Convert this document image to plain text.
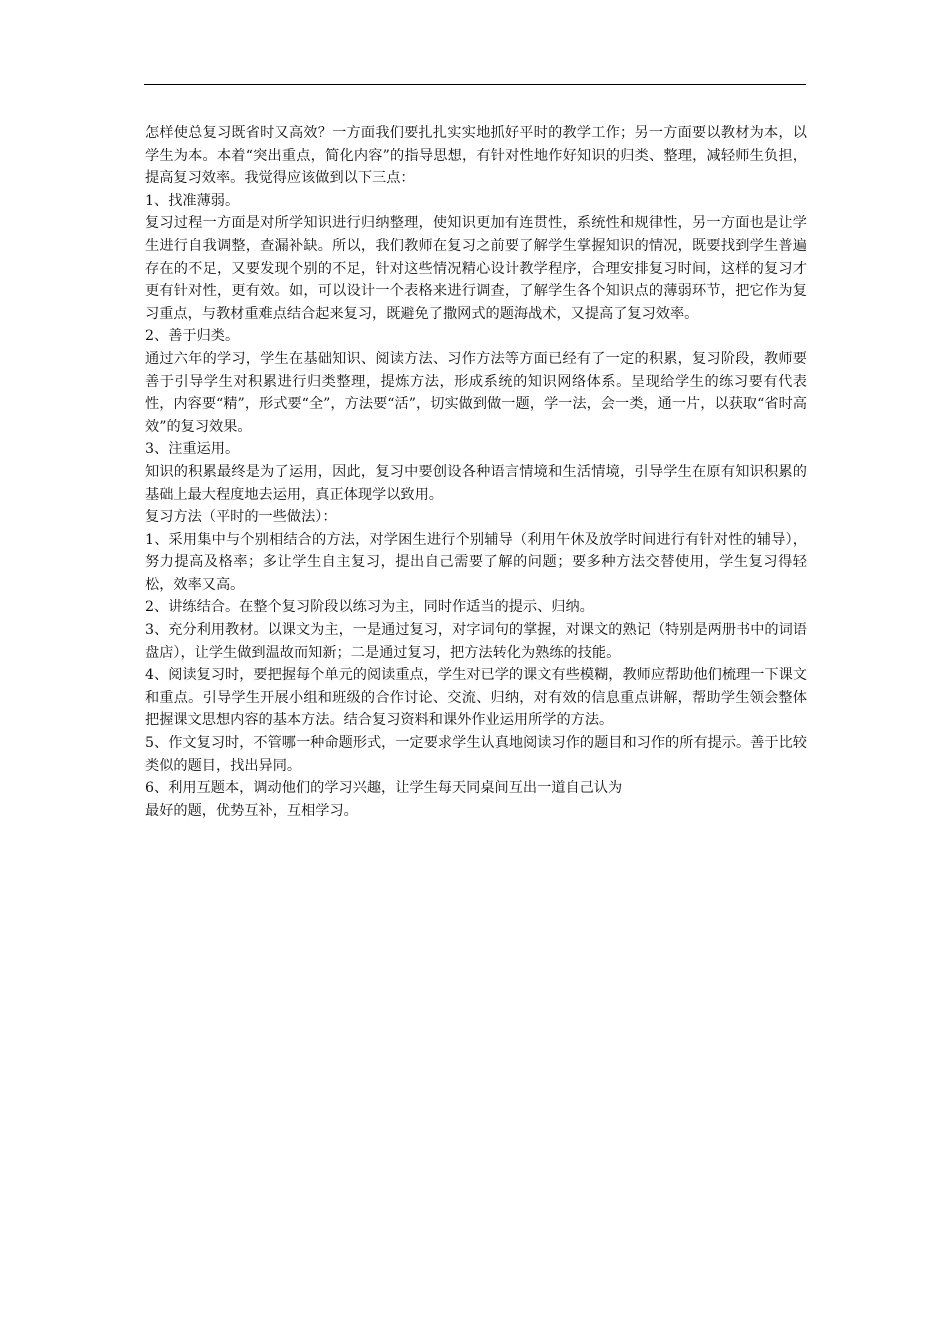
怎样使总复习既省时又高效？一方面我们要扎扎实实地抓好平时的教学工作；另一方面要以教材为本，以学生为本。本着“突出重点，简化内容”的指导思想，有针对性地作好知识的归类、整理，减轻师生负担，提高复习效率。我觉得应该做到以下三点：

1、找准薄弱。

复习过程一方面是对所学知识进行归纳整理，使知识更加有连贯性，系统性和规律性，另一方面也是让学生进行自我调整，查漏补缺。所以，我们教师在复习之前要了解学生掌握知识的情况，既要找到学生普遍存在的不足，又要发现个别的不足，针对这些情况精心设计教学程序，合理安排复习时间，这样的复习才更有针对性，更有效。如，可以设计一个表格来进行调查，了解学生各个知识点的薄弱环节，把它作为复习重点，与教材重难点结合起来复习，既避免了撒网式的题海战术，又提高了复习效率。

2、善于归类。

通过六年的学习，学生在基础知识、阅读方法、习作方法等方面已经有了一定的积累，复习阶段，教师要善于引导学生对积累进行归类整理，提炼方法，形成系统的知识网络体系。呈现给学生的练习要有代表性，内容要“精”，形式要“全”，方法要“活”，切实做到做一题，学一法，会一类，通一片，以获取“省时高效”的复习效果。

3、注重运用。

知识的积累最终是为了运用，因此，复习中要创设各种语言情境和生活情境，引导学生在原有知识积累的基础上最大程度地去运用，真正体现学以致用。

复习方法（平时的一些做法）：

1、采用集中与个别相结合的方法，对学困生进行个别辅导（利用午休及放学时间进行有针对性的辅导），努力提高及格率；多让学生自主复习，提出自己需要了解的问题；要多种方法交替使用，学生复习得轻松，效率又高。

2、讲练结合。在整个复习阶段以练习为主，同时作适当的提示、归纳。

3、充分利用教材。以课文为主，一是通过复习，对字词句的掌握，对课文的熟记（特别是两册书中的词语盘店），让学生做到温故而知新；二是通过复习，把方法转化为熟练的技能。

4、阅读复习时，要把握每个单元的阅读重点，学生对已学的课文有些模糊，教师应帮助他们梳理一下课文和重点。引导学生开展小组和班级的合作讨论、交流、归纳，对有效的信息重点讲解，帮助学生领会整体把握课文思想内容的基本方法。结合复习资料和课外作业运用所学的方法。

5、作文复习时，不管哪一种命题形式，一定要求学生认真地阅读习作的题目和习作的所有提示。善于比较类似的题目，找出异同。

6、利用互题本，调动他们的学习兴趣，让学生每天同桌间互出一道自己认为

最好的题，优势互补，互相学习。
